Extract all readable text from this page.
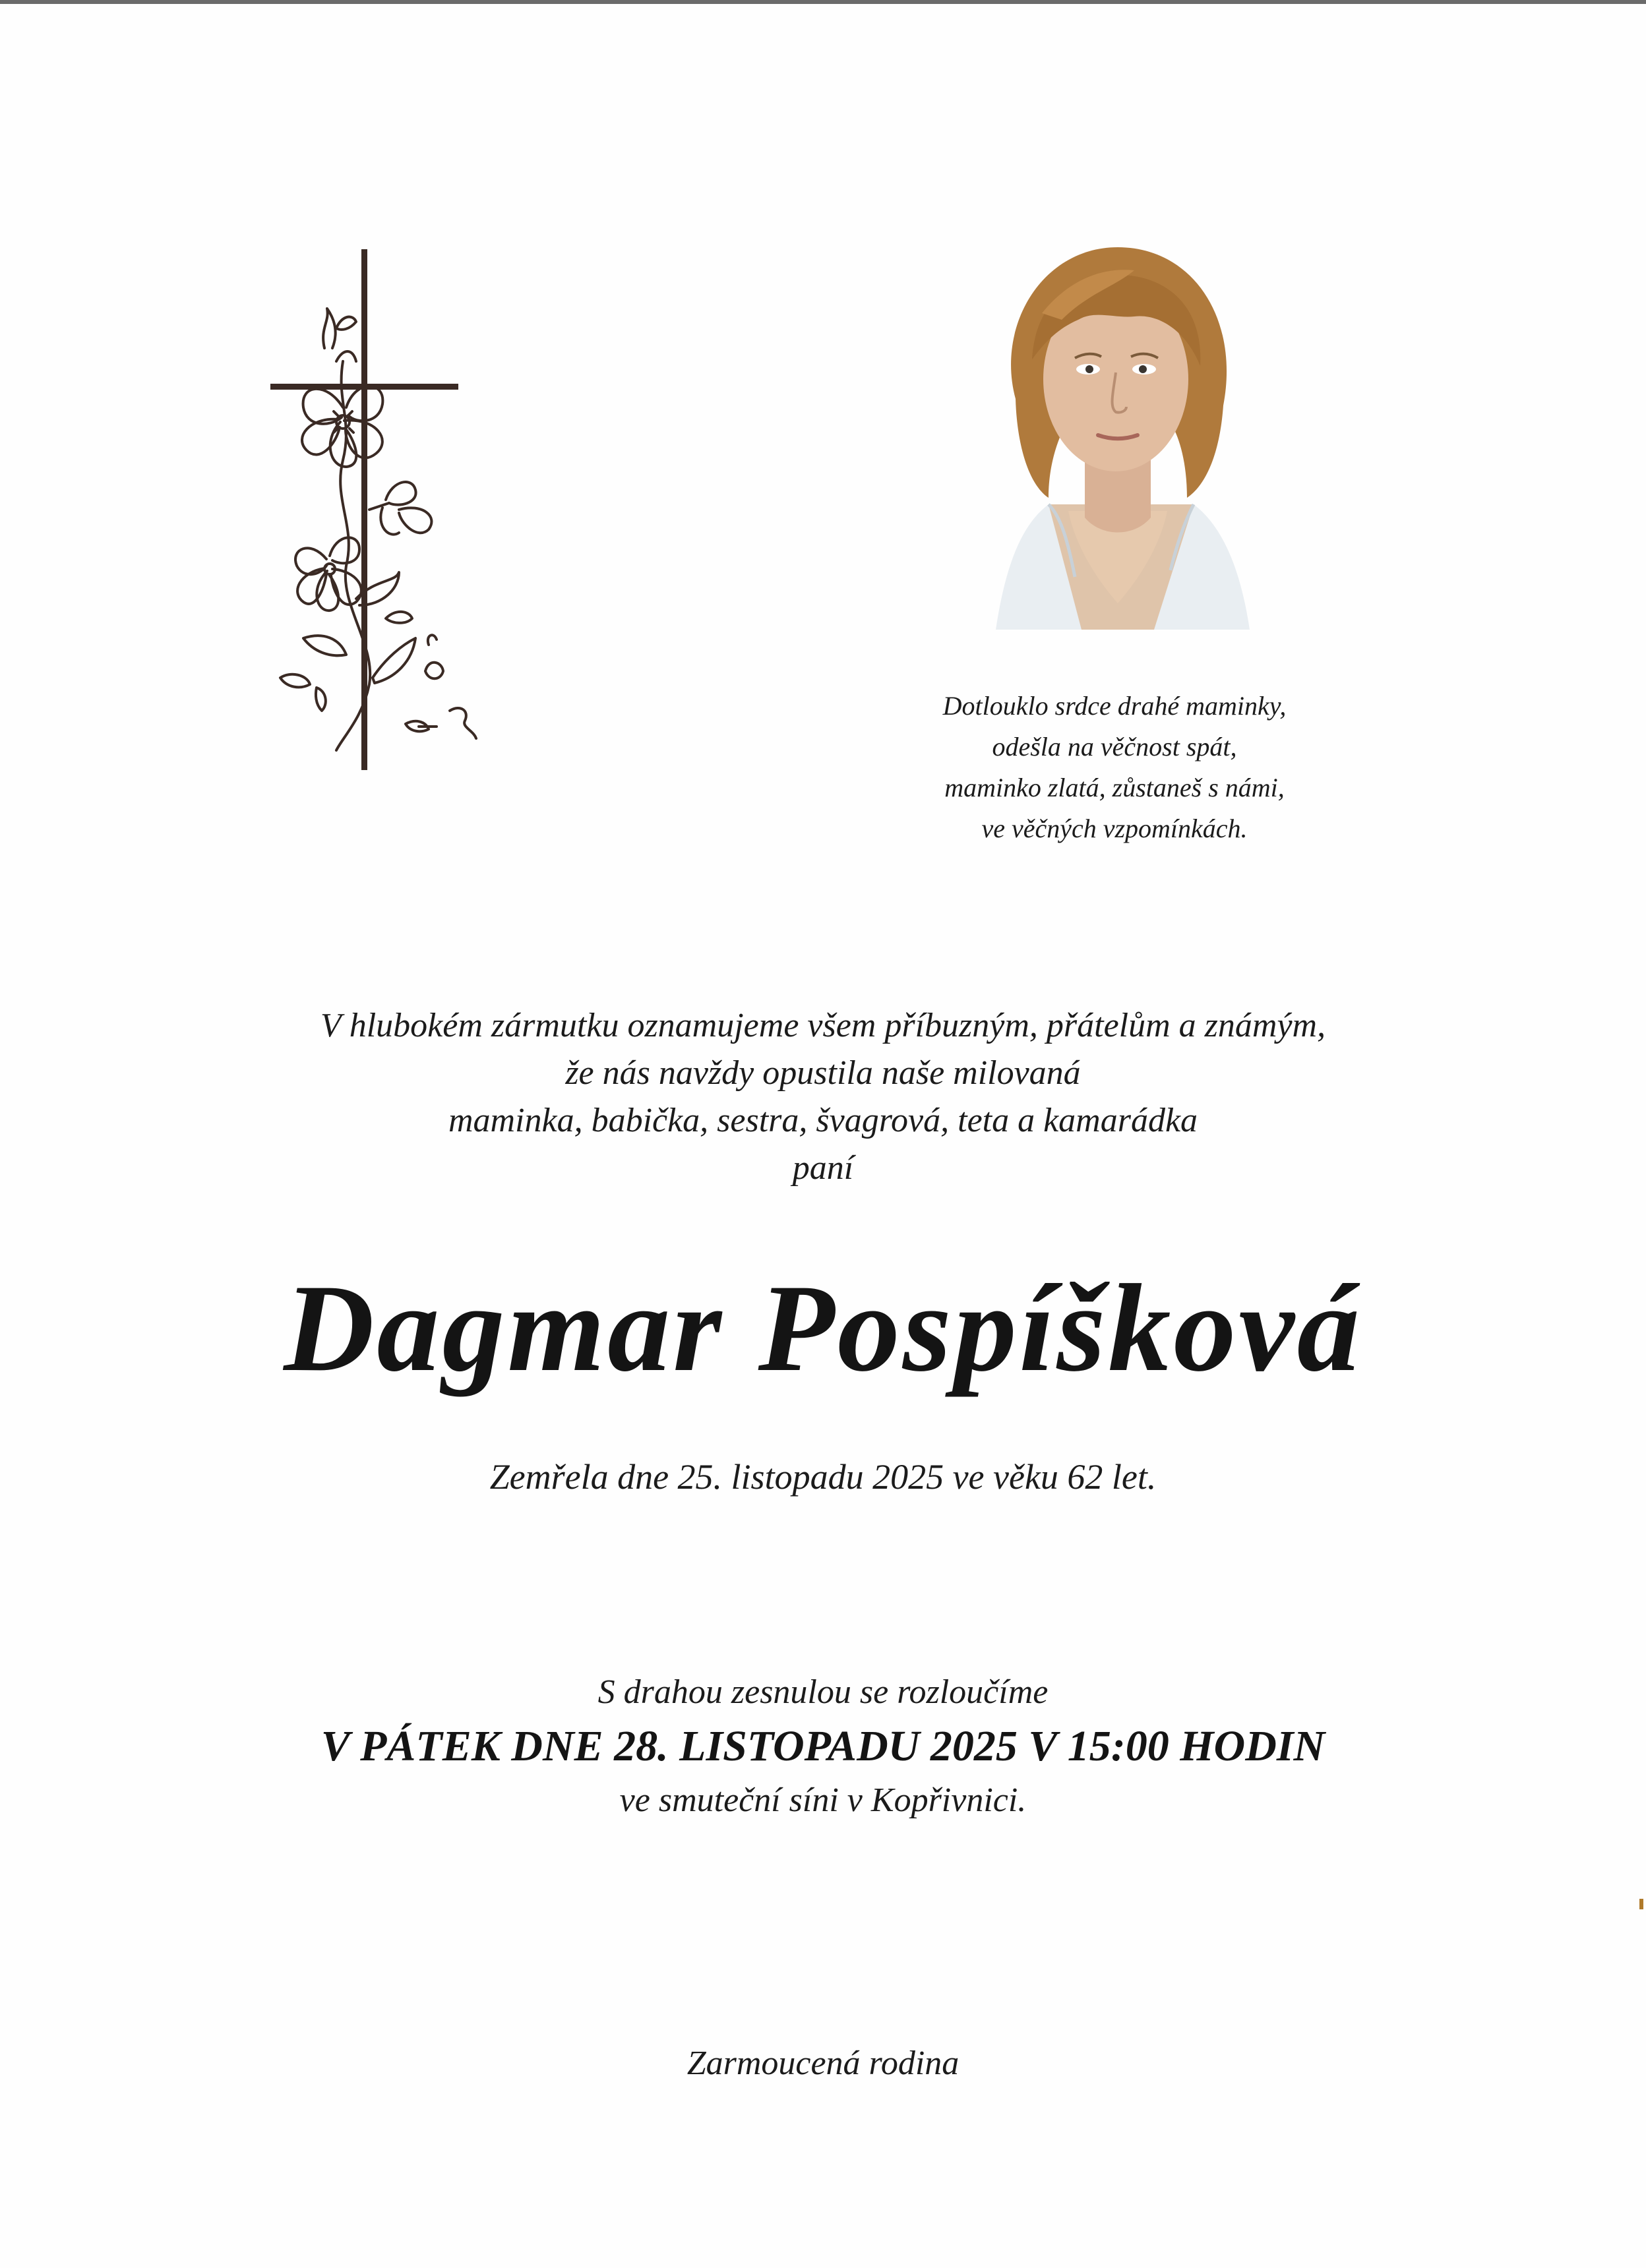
Dotlouklo srdce drahé maminky,
odešla na věčnost spát,
maminko zlatá, zůstaneš s námi,
ve věčných vzpomínkách.
V hlubokém zármutku oznamujeme všem příbuzným, přátelům a známým,
že nás navždy opustila naše milovaná
maminka, babička, sestra, švagrová, teta a kamarádka
paní
Dagmar Pospíšková
Zemřela dne 25. listopadu 2025 ve věku 62 let.
S drahou zesnulou se rozloučíme
V PÁTEK DNE 28. LISTOPADU 2025 V 15:00 HODIN
ve smuteční síni v Kopřivnici.
Zarmoucená rodina
